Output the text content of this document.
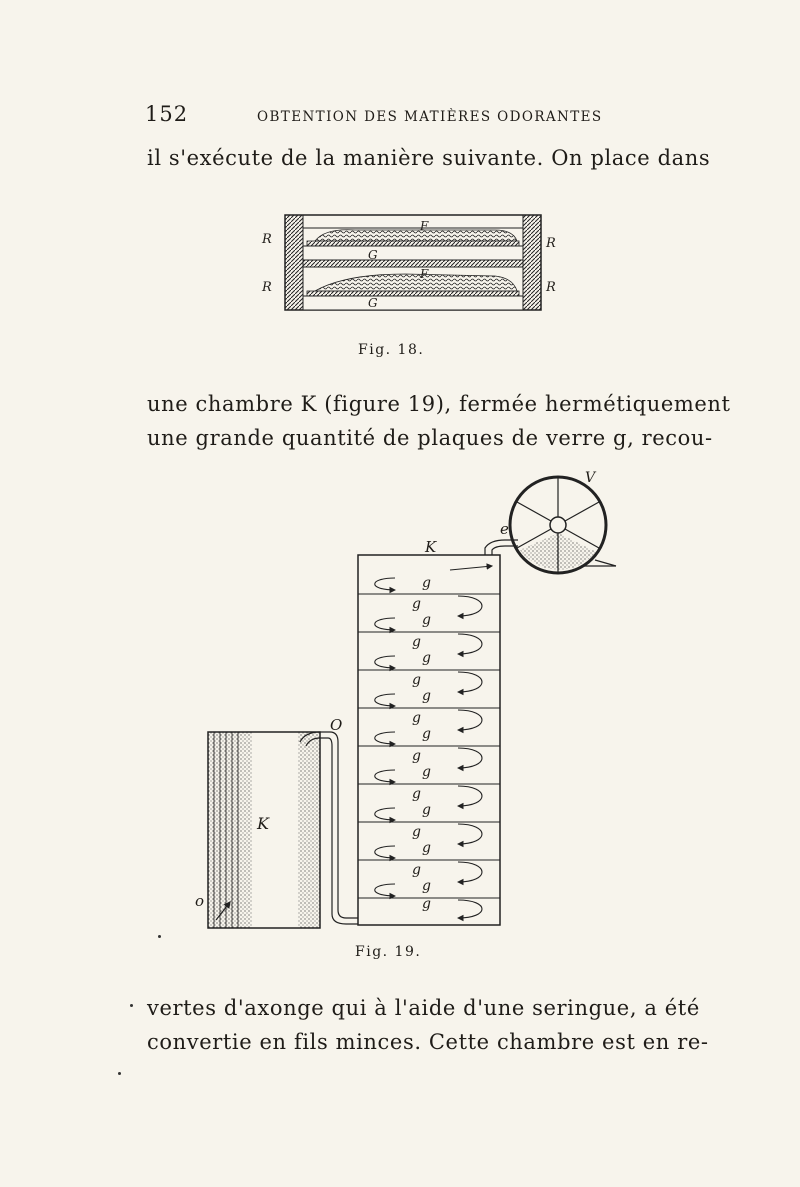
152	OBTENTION DES MATIÈRES ODORANTES
il s'exécute de la manière suivante. On place dans
R	R
R	R
F
F
G
G
Fig. 18.
une chambre K (figure 19), fermée hermétiquement
une grande quantité de plaques de verre g, recou-
K
e
V
O
K
o
g
g
g
g
g
g
g
g
g
g
g
g
g
g
g
g
g
g
Fig. 19.
vertes d'axonge qui à l'aide d'une seringue, a été
convertie en fils minces. Cette chambre est en re-
